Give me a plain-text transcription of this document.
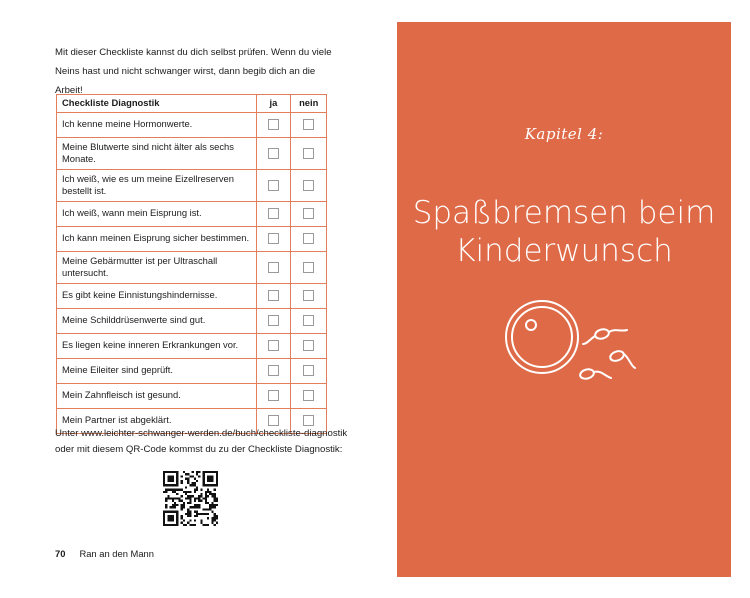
Mit dieser Checkliste kannst du dich selbst prüfen. Wenn du viele
Neins hast und nicht schwanger wirst, dann begib dich an die Arbeit!
Checkliste Diagnostik	ja	nein
Ich kenne meine Hormonwerte.		
Meine Blutwerte sind nicht älter als sechs Monate.		
Ich weiß, wie es um meine Eizellreserven bestellt ist.		
Ich weiß, wann mein Eisprung ist.		
Ich kann meinen Eisprung sicher bestimmen.		
Meine Gebärmutter ist per Ultraschall untersucht.		
Es gibt keine Einnistungshindernisse.		
Meine Schilddrüsenwerte sind gut.		
Es liegen keine inneren Erkrankungen vor.		
Meine Eileiter sind geprüft.		
Mein Zahnfleisch ist gesund.		
Mein Partner ist abgeklärt.		
Unter www.leichter-schwanger-werden.de/buch/checkliste-diagnostik
oder mit diesem QR-Code kommst du zu der Checkliste Diagnostik:
70 Ran an den Mann
Kapitel 4:
Spaßbremsen beim
Kinderwunsch
